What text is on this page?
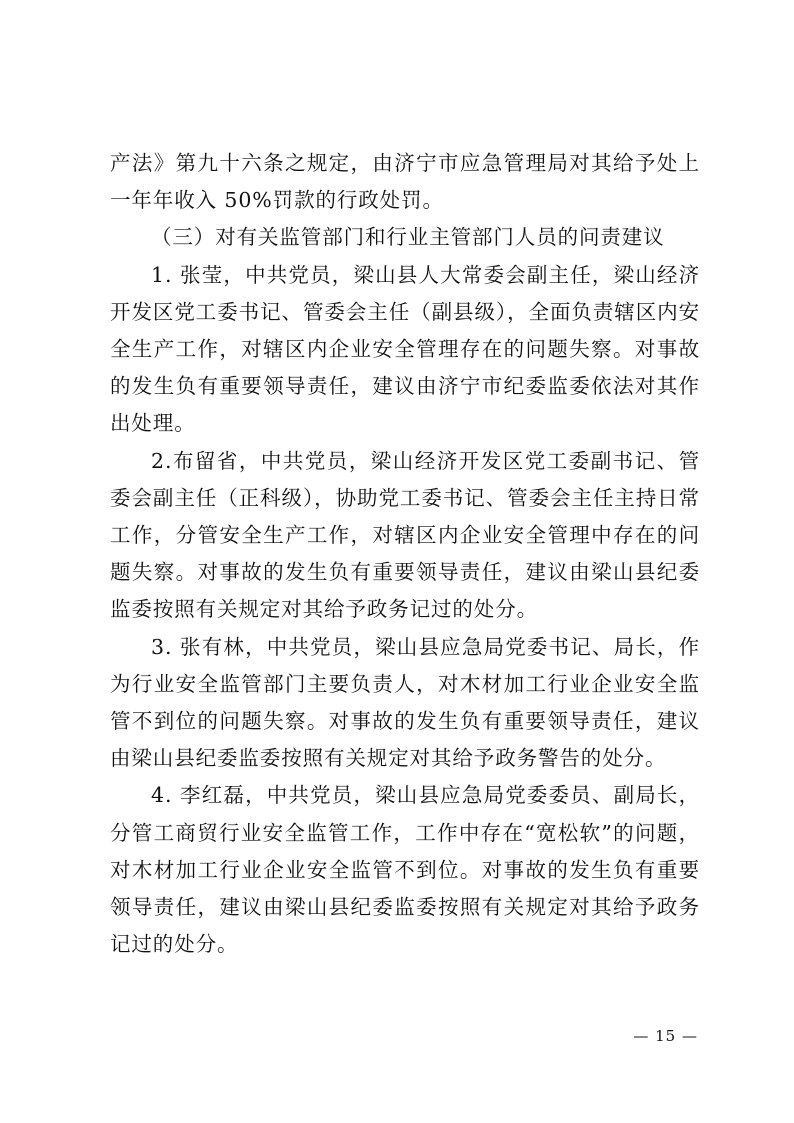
产法》第九十六条之规定，由济宁市应急管理局对其给予处上一年年收入 50%罚款的行政处罚。

（三）对有关监管部门和行业主管部门人员的问责建议

1. 张莹，中共党员，梁山县人大常委会副主任，梁山经济开发区党工委书记、管委会主任（副县级），全面负责辖区内安全生产工作，对辖区内企业安全管理存在的问题失察。对事故的发生负有重要领导责任，建议由济宁市纪委监委依法对其作出处理。

2.布留省，中共党员，梁山经济开发区党工委副书记、管委会副主任（正科级），协助党工委书记、管委会主任主持日常工作，分管安全生产工作，对辖区内企业安全管理中存在的问题失察。对事故的发生负有重要领导责任，建议由梁山县纪委监委按照有关规定对其给予政务记过的处分。

3. 张有林，中共党员，梁山县应急局党委书记、局长，作为行业安全监管部门主要负责人，对木材加工行业企业安全监管不到位的问题失察。对事故的发生负有重要领导责任，建议由梁山县纪委监委按照有关规定对其给予政务警告的处分。

4. 李红磊，中共党员，梁山县应急局党委委员、副局长，分管工商贸行业安全监管工作，工作中存在“宽松软”的问题，对木材加工行业企业安全监管不到位。对事故的发生负有重要领导责任，建议由梁山县纪委监委按照有关规定对其给予政务记过的处分。

— 15 —
